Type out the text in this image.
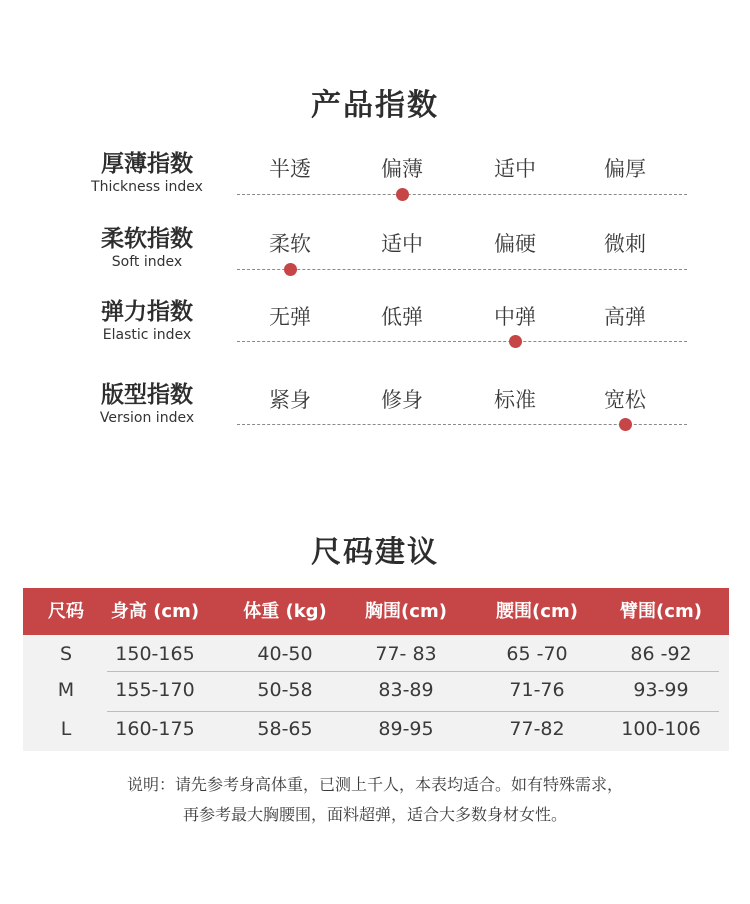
产品指数
厚薄指数
Thickness index
半透	偏薄	适中	偏厚
柔软指数
Soft index
柔软	适中	偏硬	微刺
弹力指数
Elastic index
无弹	低弹	中弹	高弹
版型指数
Version index
紧身	修身	标准	宽松
尺码建议
尺码	身高 (cm)	体重 (kg)	胸围(cm)	腰围(cm)	臂围(cm)
S	150-165	40-50	77- 83	65 -70	86 -92
M	155-170	50-58	83-89	71-76	93-99
L	160-175	58-65	89-95	77-82	100-106
说明：请先参考身高体重，已测上千人，本表均适合。如有特殊需求，
再参考最大胸腰围，面料超弹，适合大多数身材女性。
